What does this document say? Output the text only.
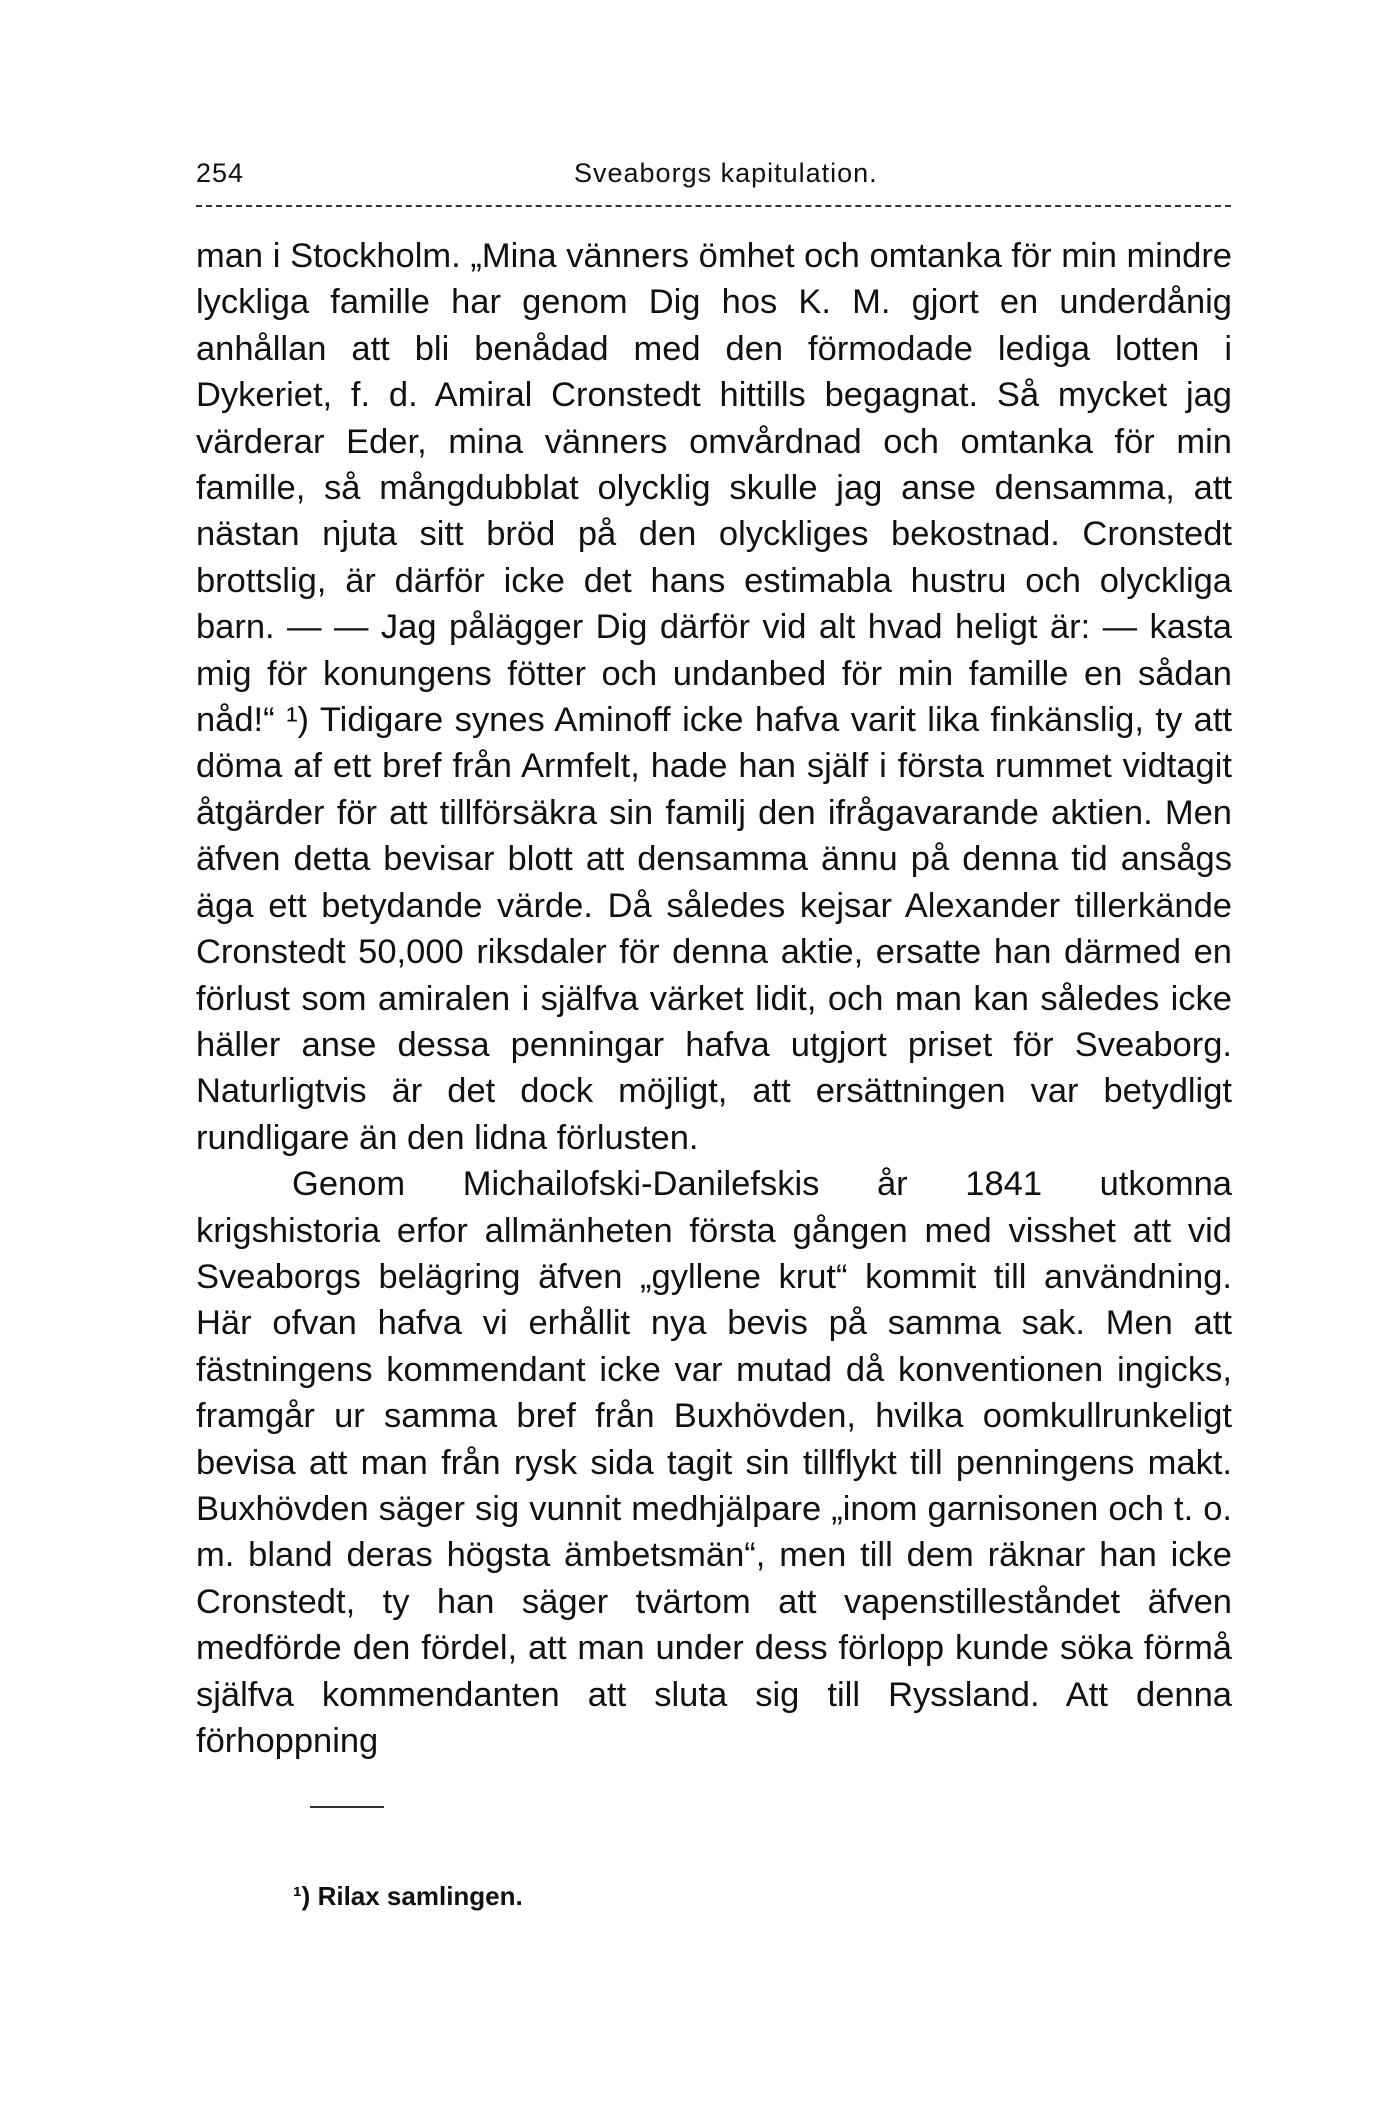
254	Sveaborgs kapitulation.

man i Stockholm. „Mina vänners ömhet och omtanka för min mindre lyckliga famille har genom Dig hos K. M. gjort en underdånig anhållan att bli benådad med den förmodade lediga lotten i Dykeriet, f. d. Amiral Cronstedt hittills begagnat. Så mycket jag värderar Eder, mina vänners omvårdnad och omtanka för min famille, så mångdubblat olycklig skulle jag anse densamma, att nästan njuta sitt bröd på den olyckliges bekostnad. Cronstedt brottslig, är därför icke det hans estimabla hustru och olyckliga barn. — — Jag pålägger Dig därför vid alt hvad heligt är: — kasta mig för konungens fötter och undanbed för min famille en sådan nåd!“ ¹) Tidigare synes Aminoff icke hafva varit lika finkänslig, ty att döma af ett bref från Armfelt, hade han själf i första rummet vidtagit åtgärder för att tillförsäkra sin familj den ifrågavarande aktien. Men äfven detta bevisar blott att densamma ännu på denna tid ansågs äga ett betydande värde. Då således kejsar Alexander tillerkände Cronstedt 50,000 riksdaler för denna aktie, ersatte han därmed en förlust som amiralen i själfva värket lidit, och man kan således icke häller anse dessa penningar hafva utgjort priset för Sveaborg. Naturligtvis är det dock möjligt, att ersättningen var betydligt rundligare än den lidna förlusten.

Genom Michailofski-Danilefskis år 1841 utkomna krigshistoria erfor allmänheten första gången med visshet att vid Sveaborgs belägring äfven „gyllene krut“ kommit till användning. Här ofvan hafva vi erhållit nya bevis på samma sak. Men att fästningens kommendant icke var mutad då konventionen ingicks, framgår ur samma bref från Buxhövden, hvilka oomkullrunkeligt bevisa att man från rysk sida tagit sin tillflykt till penningens makt. Buxhövden säger sig vunnit medhjälpare „inom garnisonen och t. o. m. bland deras högsta ämbetsmän“, men till dem räknar han icke Cronstedt, ty han säger tvärtom att vapenstilleståndet äfven medförde den fördel, att man under dess förlopp kunde söka förmå själfva kommendanten att sluta sig till Ryssland. Att denna förhoppning

¹) Rilax samlingen.
